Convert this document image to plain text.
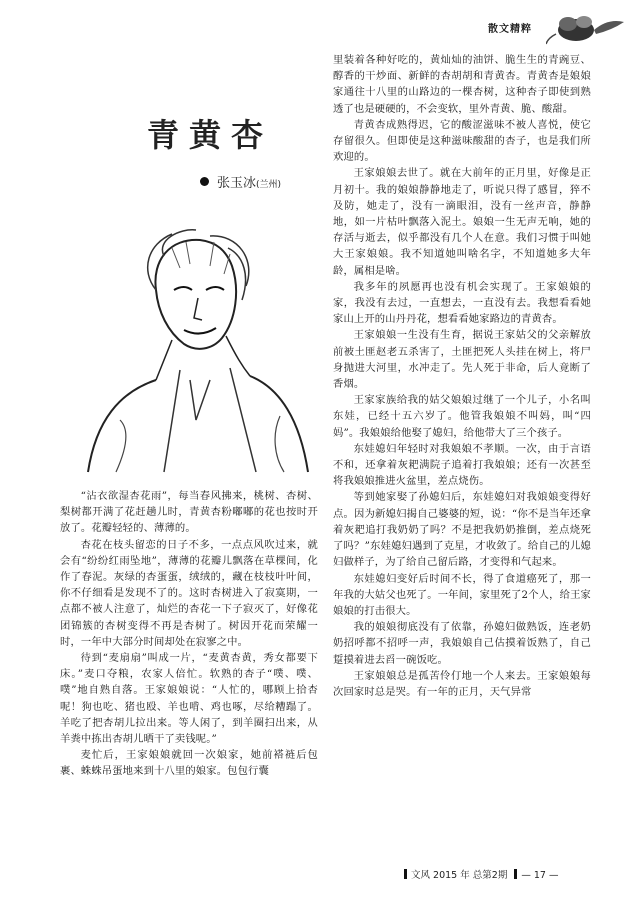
散文精粹
青黄杏
张玉冰(兰州)

“沾衣欲湿杏花雨”，每当春风拂来，桃树、杏树、梨树都开满了花赶趟儿时，青黄杏粉嘟嘟的花也按时开放了。花瓣轻轻的、薄薄的。

杏花在枝头留恋的日子不多，一点点风吹过来，就会有“纷纷红雨坠地”，薄薄的花瓣儿飘落在草棵间，化作了春泥。灰绿的杏蛋蛋，绒绒的，藏在枝枝叶叶间，你不仔细看是发现不了的。这时杏树进入了寂寞期，一点都不被人注意了，灿烂的杏花一下子寂灭了，好像花团锦簇的杏树变得不再是杏树了。树因开花而荣耀一时，一年中大部分时间却处在寂寥之中。

待到“麦扇扇”叫成一片，“麦黄杏黄，秀女都要下床。”麦口夺粮，农家人倍忙。软熟的杏子“噗、噗、噗”地自熟自落。王家娘娘说：“人忙的，哪顾上拾杏呢！狗也吃、猪也殴、羊也啃、鸡也啄，尽给糟蹋了。羊吃了把杏胡儿拉出来。等人闲了，到羊圈扫出来，从羊粪中拣出杏胡儿晒干了卖钱呢。”

麦忙后，王家娘娘就回一次娘家，她前褡裢后包裹、蛛蛛吊蛋地来到十八里的娘家。包包行囊

里装着各种好吃的，黄灿灿的油饼、脆生生的青豌豆、醇香的干炒面、新鲜的杏胡胡和青黄杏。青黄杏是娘娘家通往十八里的山路边的一棵杏树，这种杏子即使到熟透了也是硬硬的，不会变软，里外青黄、脆、酸甜。

青黄杏成熟得迟，它的酸涩滋味不被人喜悦，使它存留很久。但即使是这种滋味酸甜的杏子，也是我们所欢迎的。

王家娘娘去世了。就在大前年的正月里，好像是正月初十。我的娘娘静静地走了，听说只得了感冒，猝不及防，她走了，没有一滴眼泪，没有一丝声音，静静地，如一片枯叶飘落入泥土。娘娘一生无声无响，她的存活与逝去，似乎都没有几个人在意。我们习惯于叫她大王家娘娘。我不知道她叫啥名字，不知道她多大年龄，属相是啥。

我多年的夙愿再也没有机会实现了。王家娘娘的家，我没有去过，一直想去，一直没有去。我想看看她家山上开的山丹丹花，想看看她家路边的青黄杏。

王家娘娘一生没有生育，据说王家姑父的父亲解放前被土匪赵老五杀害了，土匪把死人头挂在树上，将尸身抛进大河里，水冲走了。先人死于非命，后人竟断了香烟。

王家家族给我的姑父娘娘过继了一个儿子，小名叫东娃，已经十五六岁了。他管我娘娘不叫妈，叫“四妈”。我娘娘给他娶了媳妇，给他带大了三个孩子。

东娃媳妇年轻时对我娘娘不孝顺。一次，由于言语不和，还拿着灰耙满院子追着打我娘娘；还有一次甚至将我娘娘推进火盆里，差点烧伤。

等到她家娶了孙媳妇后，东娃媳妇对我娘娘变得好点。因为新媳妇揭自己婆婆的短，说：“你不是当年还拿着灰耙追打我奶奶了吗？不是把我奶奶推倒，差点烧死了吗？”东娃媳妇遇到了克星，才收敛了。给自己的儿媳妇做样子，为了给自己留后路，才变得和气起来。

东娃媳妇变好后时间不长，得了食道癌死了，那一年我的大姑父也死了。一年间，家里死了2个人，给王家娘娘的打击很大。

我的娘娘彻底没有了依靠，孙媳妇做熟饭，连老奶奶招呼都不招呼一声，我娘娘自己估摸着饭熟了，自己踅摸着进去舀一碗饭吃。

王家娘娘总是孤苦伶仃地一个人来去。王家娘娘每次回家时总是哭。有一年的正月，天气异常

文风 2015 年 总第2期 — 17 —
